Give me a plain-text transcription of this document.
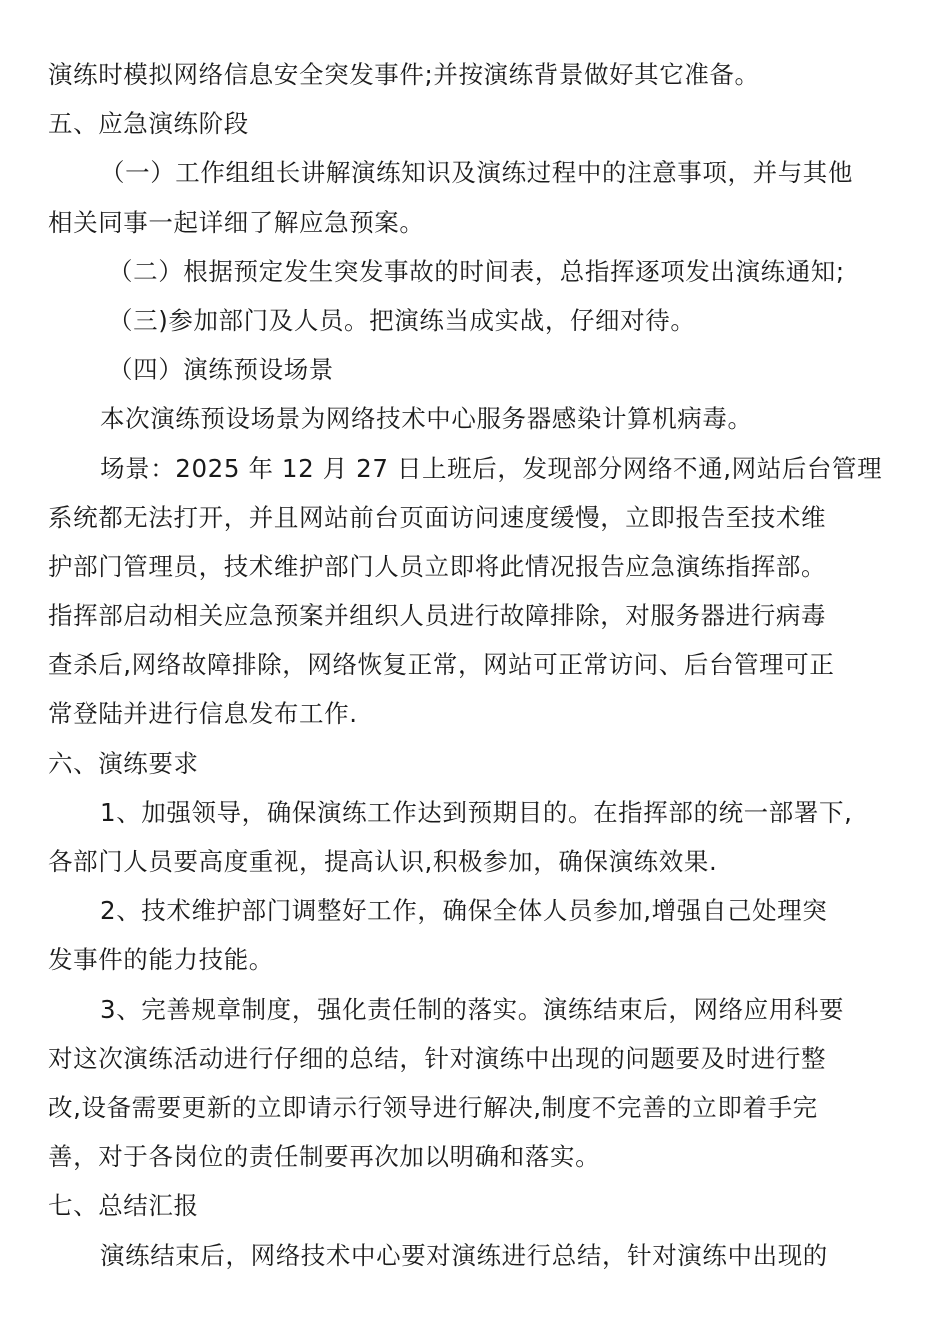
演练时模拟网络信息安全突发事件;并按演练背景做好其它准备。
五、应急演练阶段
（一）工作组组长讲解演练知识及演练过程中的注意事项，并与其他
相关同事一起详细了解应急预案。
（二）根据预定发生突发事故的时间表，总指挥逐项发出演练通知;
（三)参加部门及人员。把演练当成实战，仔细对待。
（四）演练预设场景
本次演练预设场景为网络技术中心服务器感染计算机病毒。
场景：2025 年 12 月 27 日上班后，发现部分网络不通,网站后台管理
系统都无法打开，并且网站前台页面访问速度缓慢，立即报告至技术维
护部门管理员，技术维护部门人员立即将此情况报告应急演练指挥部。
指挥部启动相关应急预案并组织人员进行故障排除，对服务器进行病毒
查杀后,网络故障排除，网络恢复正常，网站可正常访问、后台管理可正
常登陆并进行信息发布工作.
六、演练要求
1、加强领导，确保演练工作达到预期目的。在指挥部的统一部署下,
各部门人员要高度重视，提高认识,积极参加，确保演练效果.
2、技术维护部门调整好工作，确保全体人员参加,增强自己处理突
发事件的能力技能。
3、完善规章制度，强化责任制的落实。演练结束后，网络应用科要
对这次演练活动进行仔细的总结，针对演练中出现的问题要及时进行整
改,设备需要更新的立即请示行领导进行解决,制度不完善的立即着手完
善，对于各岗位的责任制要再次加以明确和落实。
七、总结汇报
演练结束后，网络技术中心要对演练进行总结，针对演练中出现的
